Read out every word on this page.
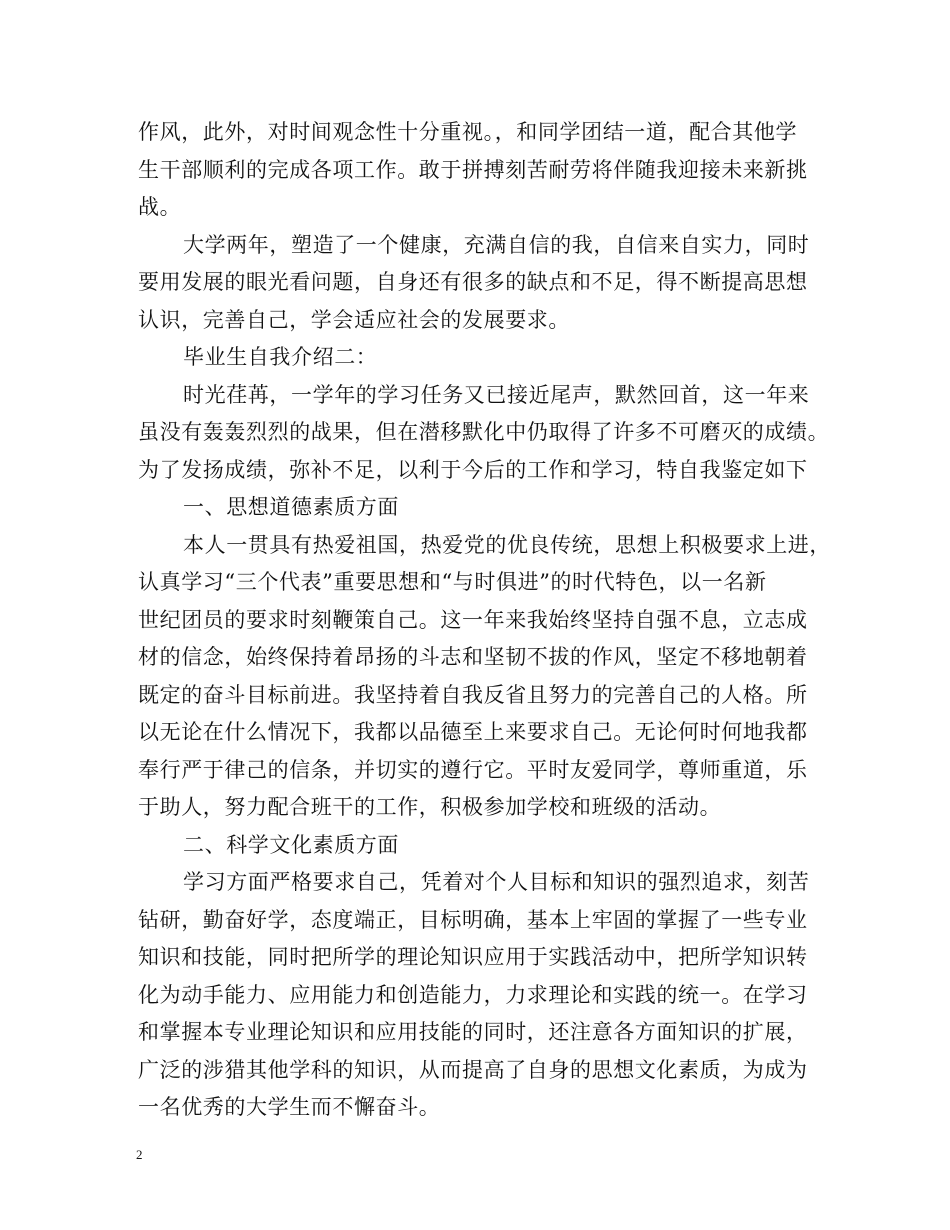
作风，此外，对时间观念性十分重视。，和同学团结一道，配合其他学
生干部顺利的完成各项工作。敢于拼搏刻苦耐劳将伴随我迎接未来新挑
战。
大学两年，塑造了一个健康，充满自信的我，自信来自实力，同时
要用发展的眼光看问题，自身还有很多的缺点和不足，得不断提高思想
认识，完善自己，学会适应社会的发展要求。
毕业生自我介绍二：
时光荏苒，一学年的学习任务又已接近尾声，默然回首，这一年来
虽没有轰轰烈烈的战果，但在潜移默化中仍取得了许多不可磨灭的成绩。
为了发扬成绩，弥补不足，以利于今后的工作和学习，特自我鉴定如下
一、思想道德素质方面
本人一贯具有热爱祖国，热爱党的优良传统，思想上积极要求上进，
认真学习“三个代表”重要思想和“与时俱进”的时代特色，以一名新
世纪团员的要求时刻鞭策自己。这一年来我始终坚持自强不息，立志成
材的信念，始终保持着昂扬的斗志和坚韧不拔的作风，坚定不移地朝着
既定的奋斗目标前进。我坚持着自我反省且努力的完善自己的人格。所
以无论在什么情况下，我都以品德至上来要求自己。无论何时何地我都
奉行严于律己的信条，并切实的遵行它。平时友爱同学，尊师重道，乐
于助人，努力配合班干的工作，积极参加学校和班级的活动。
二、科学文化素质方面
学习方面严格要求自己，凭着对个人目标和知识的强烈追求，刻苦
钻研，勤奋好学，态度端正，目标明确，基本上牢固的掌握了一些专业
知识和技能，同时把所学的理论知识应用于实践活动中，把所学知识转
化为动手能力、应用能力和创造能力，力求理论和实践的统一。在学习
和掌握本专业理论知识和应用技能的同时，还注意各方面知识的扩展，
广泛的涉猎其他学科的知识，从而提高了自身的思想文化素质，为成为
一名优秀的大学生而不懈奋斗。
2
